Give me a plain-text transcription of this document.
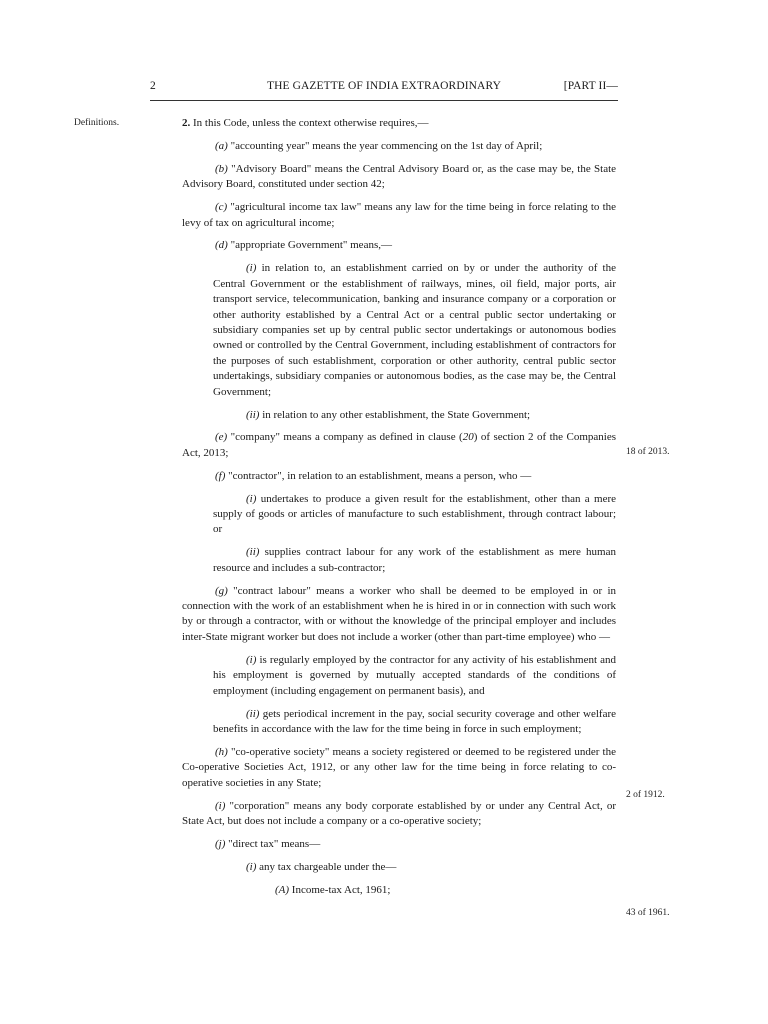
2	THE GAZETTE OF INDIA EXTRAORDINARY	[PART II—
Definitions.
18 of 2013.
2 of 1912.
43 of 1961.

2. In this Code, unless the context otherwise requires,—

(a) "accounting year" means the year commencing on the 1st day of April;

(b) "Advisory Board" means the Central Advisory Board or, as the case may be, the State Advisory Board, constituted under section 42;

(c) "agricultural income tax law" means any law for the time being in force relating to the levy of tax on agricultural income;

(d) "appropriate Government" means,—

(i) in relation to, an establishment carried on by or under the authority of the Central Government or the establishment of railways, mines, oil field, major ports, air transport service, telecommunication, banking and insurance company or a corporation or other authority established by a Central Act or a central public sector undertaking or subsidiary companies set up by central public sector undertakings or autonomous bodies owned or controlled by the Central Government, including establishment of contractors for the purposes of such establishment, corporation or other authority, central public sector undertakings, subsidiary companies or autonomous bodies, as the case may be, the Central Government;

(ii) in relation to any other establishment, the State Government;

(e) "company" means a company as defined in clause (20) of section 2 of the Companies Act, 2013;

(f) "contractor", in relation to an establishment, means a person, who —

(i) undertakes to produce a given result for the establishment, other than a mere supply of goods or articles of manufacture to such establishment, through contract labour; or

(ii) supplies contract labour for any work of the establishment as mere human resource and includes a sub-contractor;

(g) "contract labour" means a worker who shall be deemed to be employed in or in connection with the work of an establishment when he is hired in or in connection with such work by or through a contractor, with or without the knowledge of the principal employer and includes inter-State migrant worker but does not include a worker (other than part-time employee) who —

(i) is regularly employed by the contractor for any activity of his establishment and his employment is governed by mutually accepted standards of the conditions of employment (including engagement on permanent basis), and

(ii) gets periodical increment in the pay, social security coverage and other welfare benefits in accordance with the law for the time being in force in such employment;

(h) "co-operative society" means a society registered or deemed to be registered under the Co-operative Societies Act, 1912, or any other law for the time being in force relating to co-operative societies in any State;

(i) "corporation" means any body corporate established by or under any Central Act, or State Act, but does not include a company or a co-operative society;

(j) "direct tax" means—

(i) any tax chargeable under the—

(A) Income-tax Act, 1961;
